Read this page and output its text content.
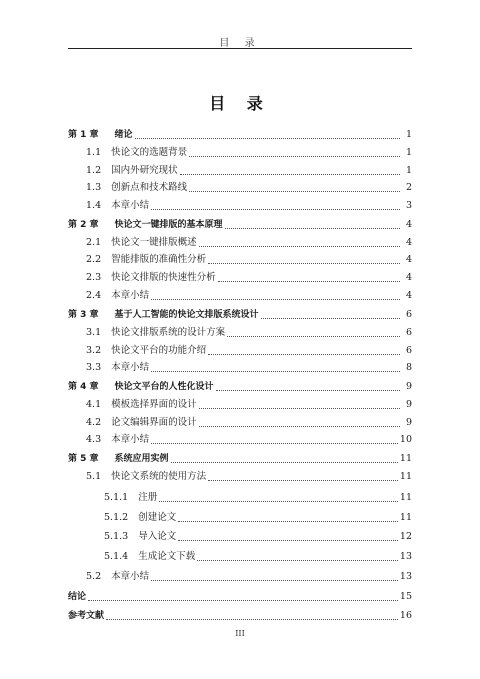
目 录
目 录
第 1 章 绪论	1
1.1 快论文的选题背景	1
1.2 国内外研究现状	1
1.3 创新点和技术路线	2
1.4 本章小结	3
第 2 章 快论文一键排版的基本原理	4
2.1 快论文一键排版概述	4
2.2 智能排版的准确性分析	4
2.3 快论文排版的快速性分析	4
2.4 本章小结	4
第 3 章 基于人工智能的快论文排版系统设计	6
3.1 快论文排版系统的设计方案	6
3.2 快论文平台的功能介绍	6
3.3 本章小结	8
第 4 章 快论文平台的人性化设计	9
4.1 模板选择界面的设计	9
4.2 论文编辑界面的设计	9
4.3 本章小结	10
第 5 章 系统应用实例	11
5.1 快论文系统的使用方法	11
5.1.1 注册	11
5.1.2 创建论文	11
5.1.3 导入论文	12
5.1.4 生成论文下载	13
5.2 本章小结	13
结论	15
参考文献	16
III
